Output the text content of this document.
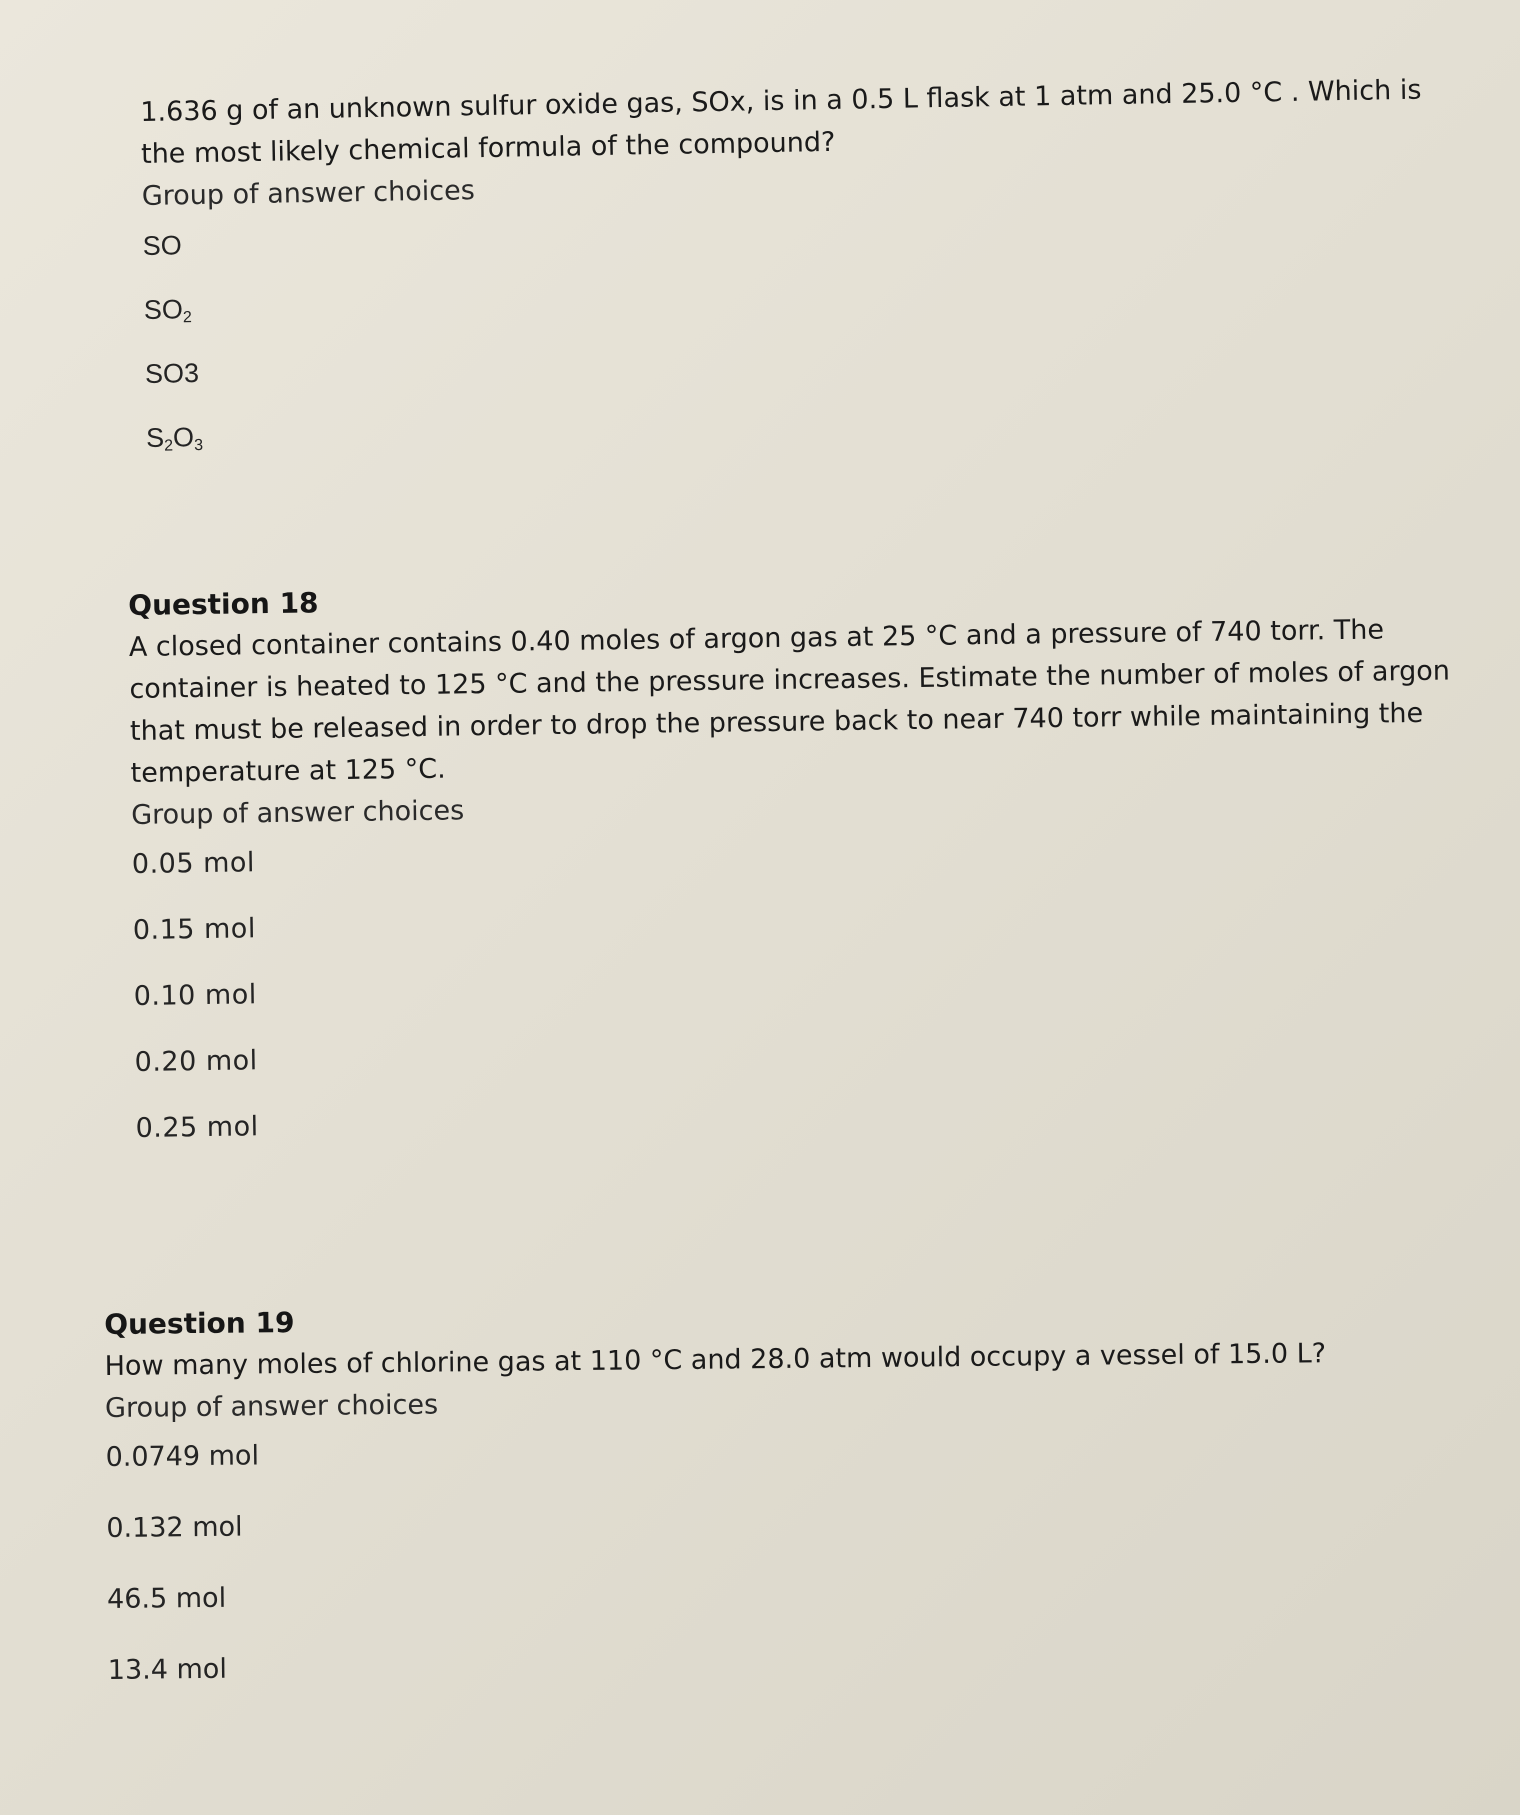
1.636 g of an unknown sulfur oxide gas, SOx, is in a 0.5 L flask at 1 atm and 25.0 °C . Which is the most likely chemical formula of the compound?

Group of answer choices

SO
$SO_2$
SO3
$S_2O_3$

Question 18

A closed container contains 0.40 moles of argon gas at 25 °C and a pressure of 740 torr. The container is heated to 125 °C and the pressure increases. Estimate the number of moles of argon that must be released in order to drop the pressure back to near 740 torr while maintaining the temperature at 125 °C.

Group of answer choices

0.05 mol
0.15 mol
0.10 mol
0.20 mol
0.25 mol

Question 19

How many moles of chlorine gas at 110 °C and 28.0 atm would occupy a vessel of 15.0 L?

Group of answer choices

0.0749 mol
0.132 mol
46.5 mol
13.4 mol
